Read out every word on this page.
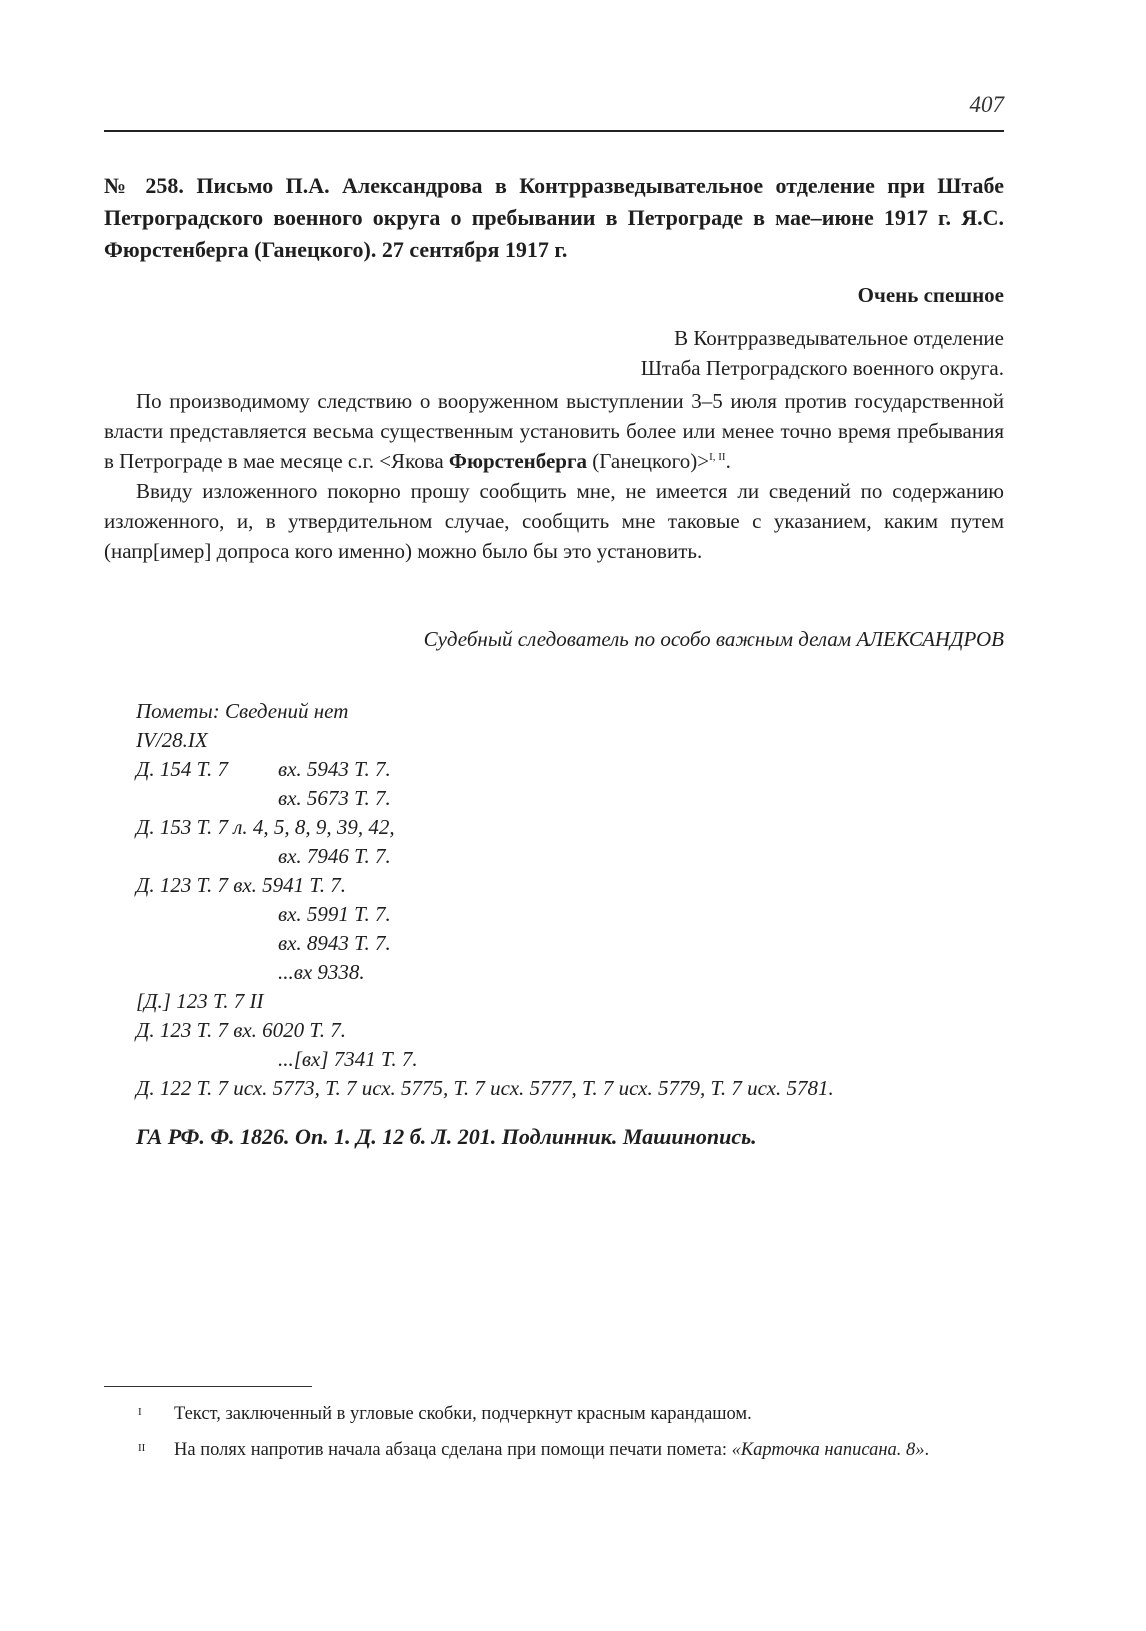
407
№ 258. Письмо П.А. Александрова в Контрразведывательное отделение при Штабе Петроградского военного округа о пребывании в Петрограде в мае–июне 1917 г. Я.С. Фюрстенберга (Ганецкого). 27 сентября 1917 г.
Очень спешное
В Контрразведывательное отделение
Штаба Петроградского военного округа.

По производимому следствию о вооруженном выступлении 3–5 июля против государственной власти представляется весьма существенным установить более или менее точно время пребывания в Петрограде в мае месяце с.г. <Якова Фюрстенберга (Ганецкого)>$^{I, II}$.

Ввиду изложенного покорно прошу сообщить мне, не имеется ли сведений по содержанию изложенного, и, в утвердительном случае, сообщить мне таковые с указанием, каким путем (напр[имер] допроса кого именно) можно было бы это установить.

Судебный следователь по особо важным делам АЛЕКСАНДРОВ
Пометы: Сведений нет
IV/28.IX
Д. 154 Т. 7 вх. 5943 Т. 7.
вх. 5673 Т. 7.
Д. 153 Т. 7 л. 4, 5, 8, 9, 39, 42,
вх. 7946 Т. 7.
Д. 123 Т. 7 вх. 5941 Т. 7.
вх. 5991 Т. 7.
вх. 8943 Т. 7.
...вх 9338.
[Д.] 123 Т. 7 II
Д. 123 Т. 7 вх. 6020 Т. 7.
...[вх] 7341 Т. 7.
Д. 122 Т. 7 исх. 5773, Т. 7 исх. 5775, Т. 7 исх. 5777, Т. 7 исх. 5779, Т. 7 исх. 5781.
ГА РФ. Ф. 1826. Оп. 1. Д. 12 б. Л. 201. Подлинник. Машинопись.
I Текст, заключенный в угловые скобки, подчеркнут красным карандашом.
II На полях напротив начала абзаца сделана при помощи печати помета: «Карточка написана. 8».
